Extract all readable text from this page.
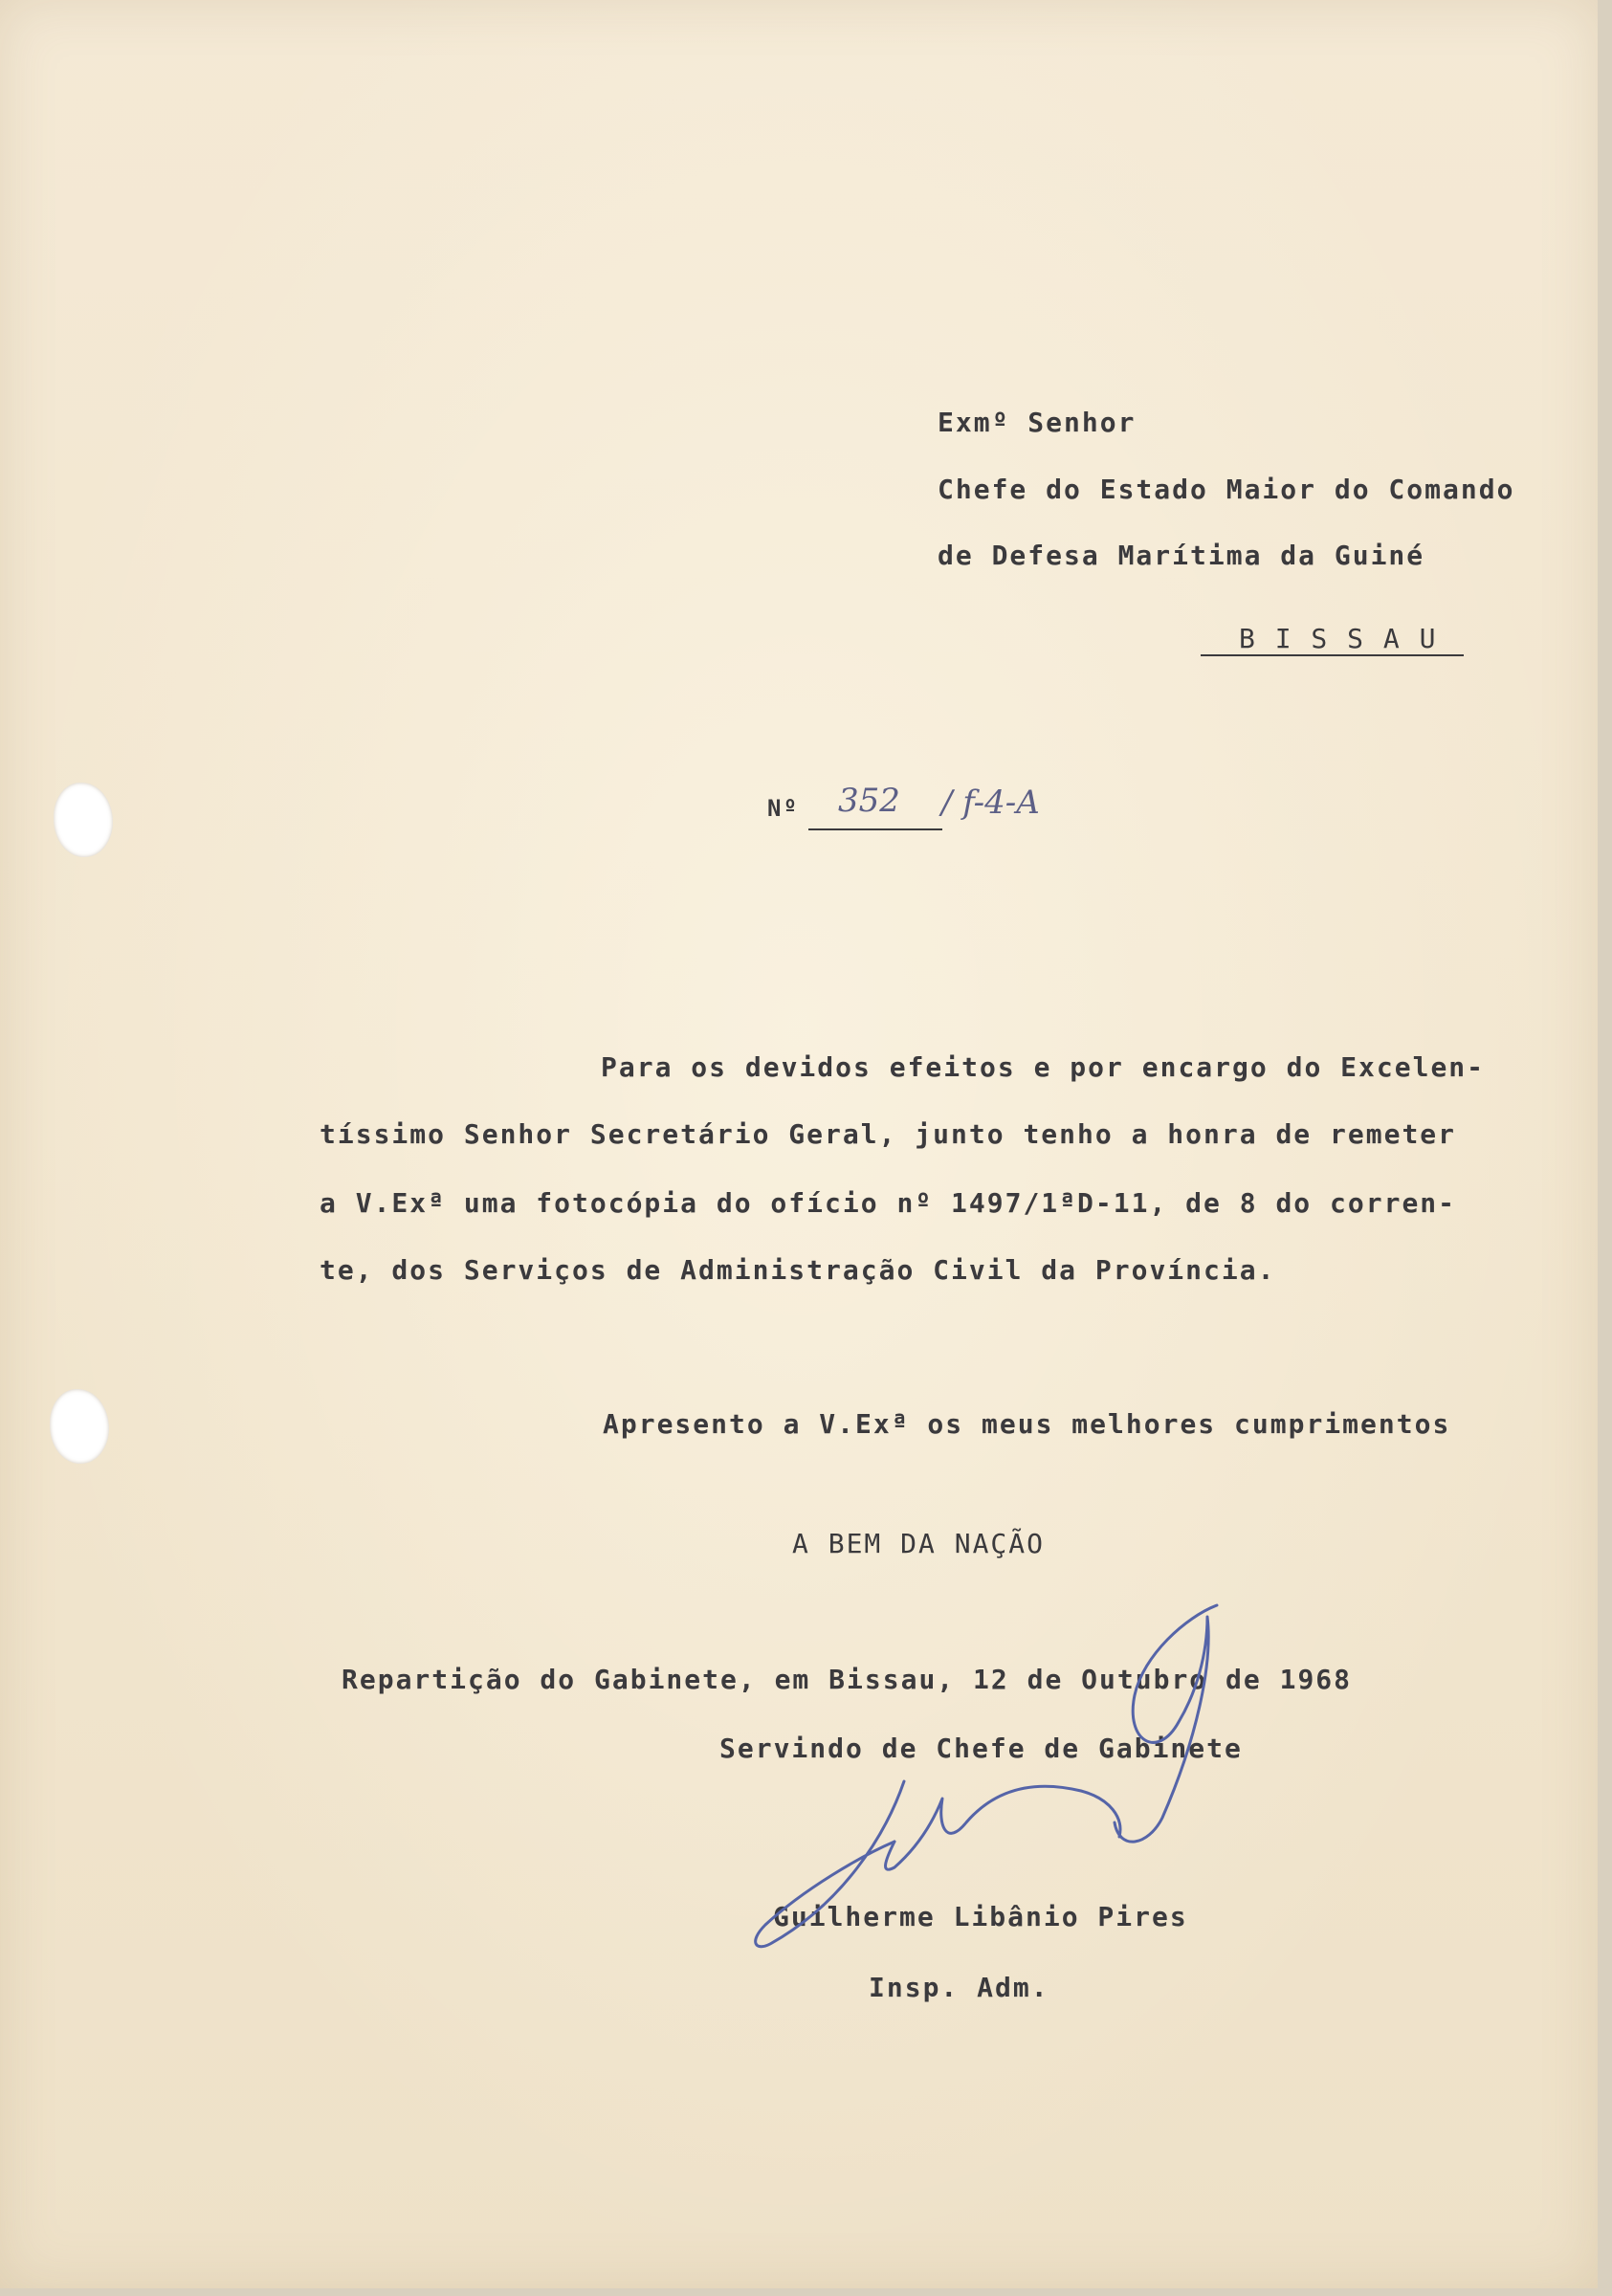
Exmº Senhor
Chefe do Estado Maior do Comando
de Defesa Marítima da Guiné
B I S S A U
Nº 352 / f-4-A
Para os devidos efeitos e por encargo do Excelen-
tíssimo Senhor Secretário Geral, junto tenho a honra de remeter
a V.Exª uma fotocópia do ofício nº 1497/1ªD-11, de 8 do corren-
te, dos Serviços de Administração Civil da Província.
Apresento a V.Exª os meus melhores cumprimentos
A BEM DA NAÇÃO
Repartição do Gabinete, em Bissau, 12 de Outubro de 1968
Servindo de Chefe de Gabinete
Guilherme Libânio Pires
Insp. Adm.
